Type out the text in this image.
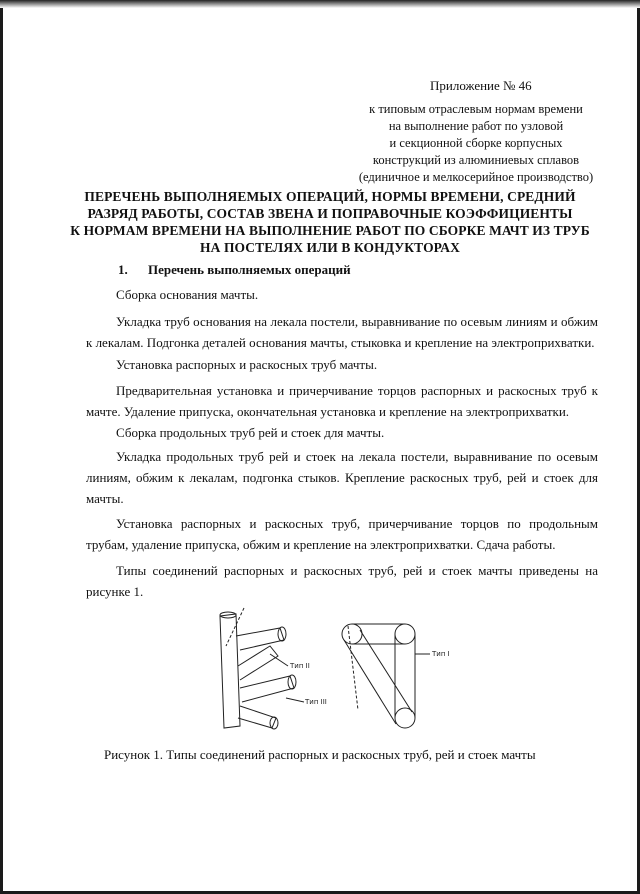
Приложение № 46
к типовым отраслевым нормам времени
на выполнение работ по узловой
и секционной сборке корпусных
конструкций из алюминиевых сплавов
(единичное и мелкосерийное производство)
ПЕРЕЧЕНЬ ВЫПОЛНЯЕМЫХ ОПЕРАЦИЙ, НОРМЫ ВРЕМЕНИ, СРЕДНИЙ
РАЗРЯД РАБОТЫ, СОСТАВ ЗВЕНА И ПОПРАВОЧНЫЕ КОЭФФИЦИЕНТЫ
К НОРМАМ ВРЕМЕНИ НА ВЫПОЛНЕНИЕ РАБОТ ПО СБОРКЕ МАЧТ ИЗ ТРУБ
НА ПОСТЕЛЯХ ИЛИ В КОНДУКТОРАХ
1. Перечень выполняемых операций
Сборка основания мачты.
Укладка труб основания на лекала постели, выравнивание по осевым линиям и обжим к лекалам. Подгонка деталей основания мачты, стыковка и крепление на электроприхватки.
Установка распорных и раскосных труб мачты.
Предварительная установка и причерчивание торцов распорных и раскосных труб к мачте. Удаление припуска, окончательная установка и крепление на электроприхватки.
Сборка продольных труб рей и стоек для мачты.
Укладка продольных труб рей и стоек на лекала постели, выравнивание по осевым линиям, обжим к лекалам, подгонка стыков. Крепление раскосных труб, рей и стоек для мачты.
Установка распорных и раскосных труб, причерчивание торцов по продольным трубам, удаление припуска, обжим и крепление на электроприхватки. Сдача работы.
Типы соединений распорных и раскосных труб, рей и стоек мачты приведены на рисунке 1.
Тип II
Тип III
Тип I
Рисунок 1. Типы соединений распорных и раскосных труб, рей и стоек мачты
